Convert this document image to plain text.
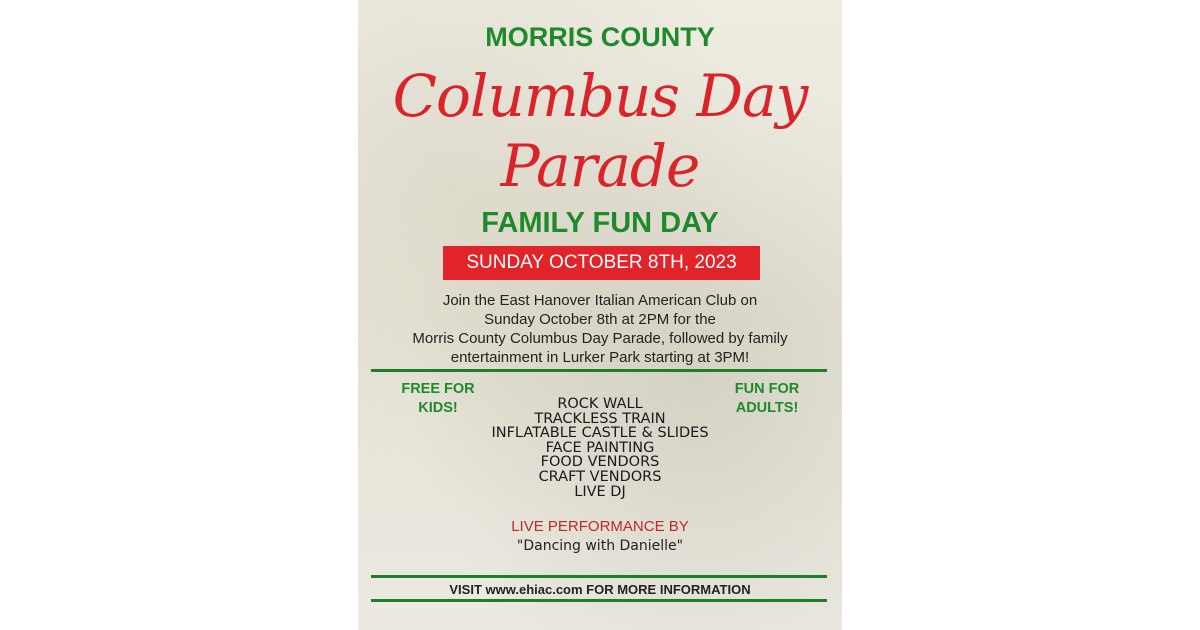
MORRIS COUNTY
Columbus Day
Parade
FAMILY FUN DAY
SUNDAY OCTOBER 8TH, 2023
Join the East Hanover Italian American Club on
Sunday October 8th at 2PM for the
Morris County Columbus Day Parade, followed by family
entertainment in Lurker Park starting at 3PM!
FREE FOR
KIDS!
FUN FOR
ADULTS!
ROCK WALL
TRACKLESS TRAIN
INFLATABLE CASTLE & SLIDES
FACE PAINTING
FOOD VENDORS
CRAFT VENDORS
LIVE DJ
LIVE PERFORMANCE BY
"Dancing with Danielle"
VISIT www.ehiac.com FOR MORE INFORMATION
